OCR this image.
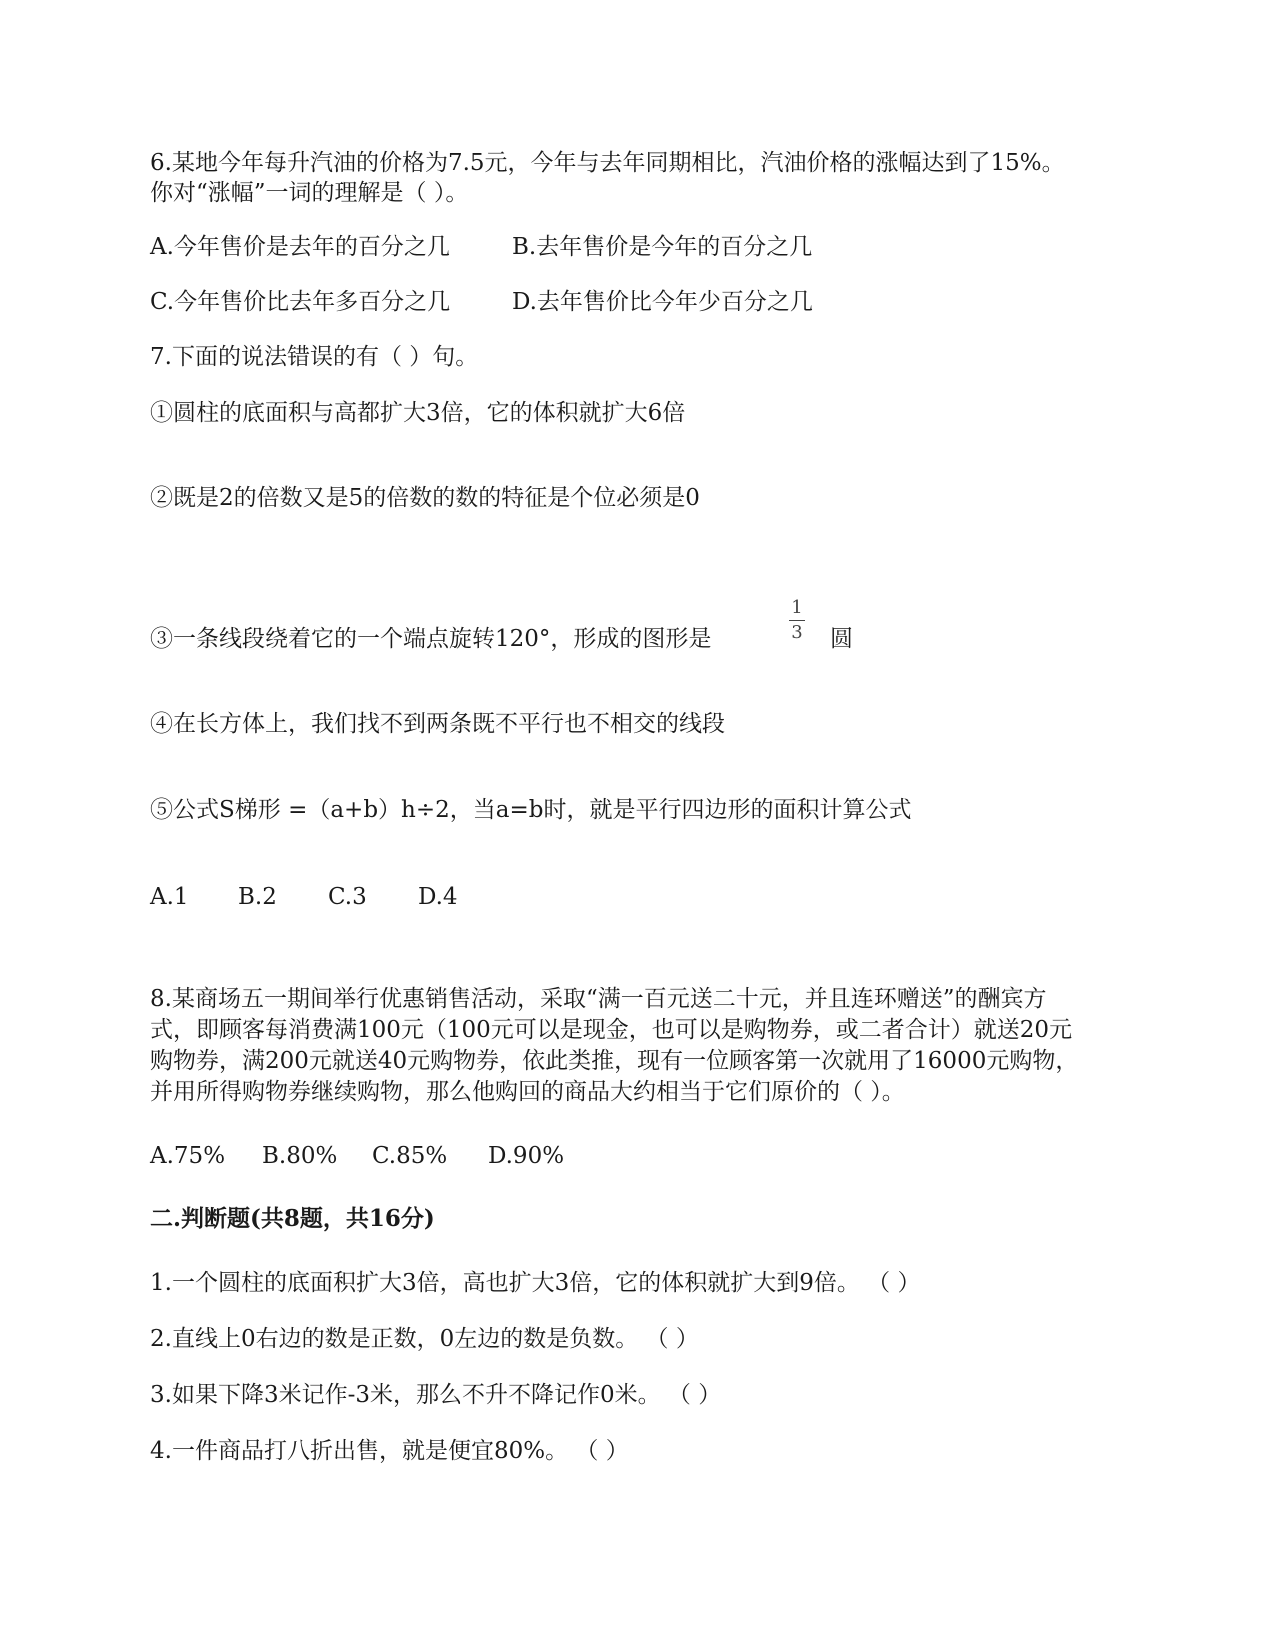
6.某地今年每升汽油的价格为7.5元，今年与去年同期相比，汽油价格的涨幅达到了15%。
你对“涨幅”一词的理解是（ ）。
A.今年售价是去年的百分之几	B.去年售价是今年的百分之几
C.今年售价比去年多百分之几	D.去年售价比今年少百分之几
7.下面的说法错误的有（ ）句。
①圆柱的底面积与高都扩大3倍，它的体积就扩大6倍
②既是2的倍数又是5的倍数的数的特征是个位必须是0
③一条线段绕着它的一个端点旋转120°，形成的图形是
1
3 圆
④在长方体上，我们找不到两条既不平行也不相交的线段
⑤公式S梯形 =（a+b）h÷2，当a=b时，就是平行四边形的面积计算公式
A.1 B.2 C.3 D.4
8.某商场五一期间举行优惠销售活动，采取“满一百元送二十元，并且连环赠送”的酬宾方
式，即顾客每消费满100元（100元可以是现金，也可以是购物券，或二者合计）就送20元
购物券，满200元就送40元购物券，依此类推，现有一位顾客第一次就用了16000元购物，
并用所得购物券继续购物，那么他购回的商品大约相当于它们原价的（ ）。
A.75% B.80% C.85% D.90%
二.判断题(共8题，共16分)
1.一个圆柱的底面积扩大3倍，高也扩大3倍，它的体积就扩大到9倍。 （ ）
2.直线上0右边的数是正数，0左边的数是负数。 （ ）
3.如果下降3米记作-3米，那么不升不降记作0米。 （ ）
4.一件商品打八折出售，就是便宜80%。 （ ）
